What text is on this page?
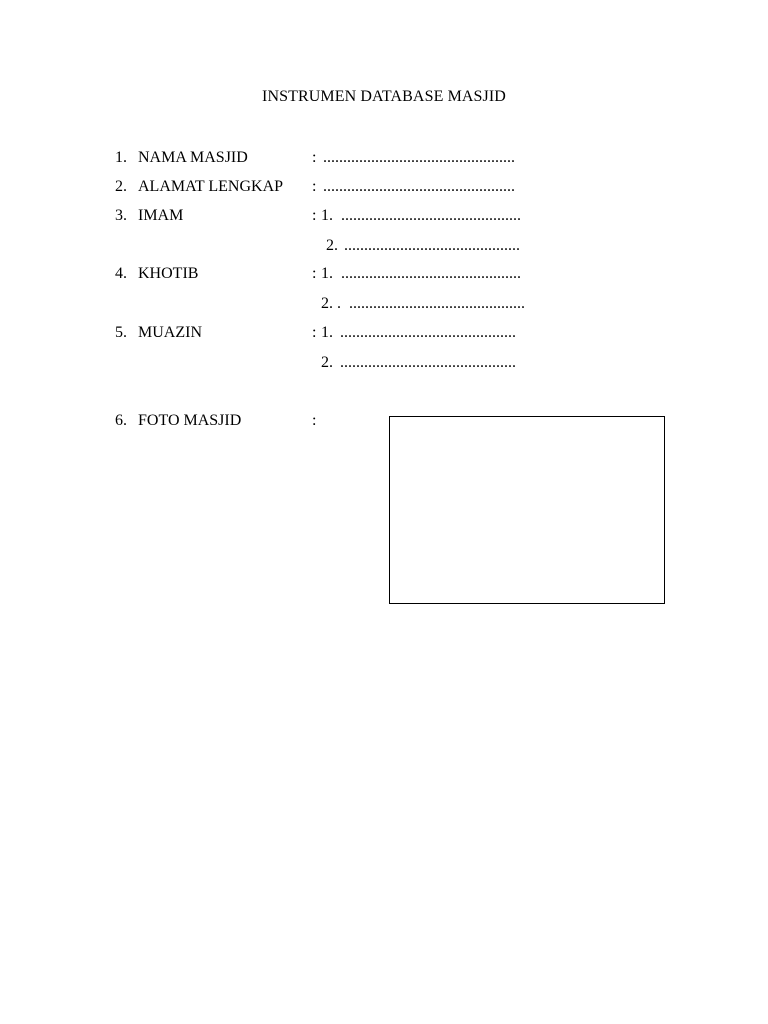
INSTRUMEN DATABASE MASJID
1. NAMA MASJID	: ................................................
2. ALAMAT LENGKAP : ................................................
3. IMAM	: 1. .............................................
2. ............................................
4. KHOTIB	: 1. .............................................
2. . ............................................
5. MUAZIN	: 1. ............................................
2. ............................................
6. FOTO MASJID	:
